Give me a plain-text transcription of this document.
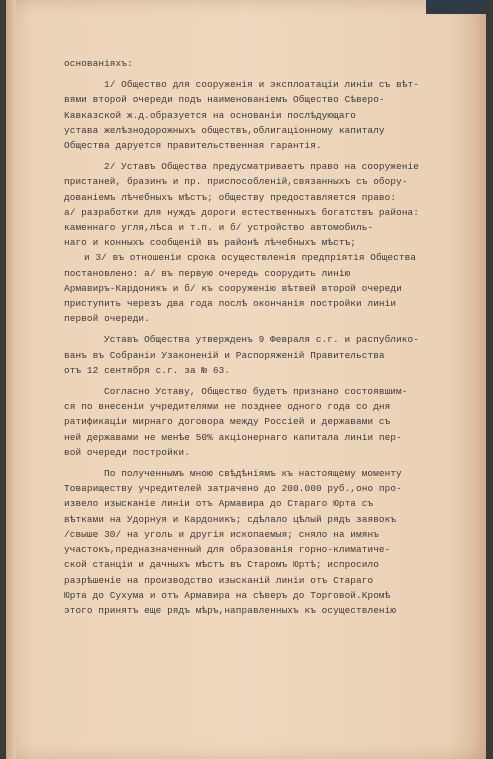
основанiяхъ:
1/ Общество для сооруженiя и эксплоатацiи линiи съ вѣт-
вями второй очереди подъ наименованiемъ Общество Сѣверо-
Кавказской ж.д.образуется на основанiи послѣдующаго
устава желѣзнодорожныхъ обществъ,облигацiонному капиталу
Общества даруется правительственная гарантiя.
2/ Уставъ Общества предусматриваетъ право на сооруженiе
пристаней, бразинъ и пр. приспособленiй,связанныхъ съ обору-
дованiемъ лѣчебныхъ мѣстъ; обществу предоставляется право:
а/ разработки для нуждъ дороги естественныхъ богатствъ района:
каменнаго угля,лѣса и т.п. и б/ устройство автомобиль-
наго и конныхъ сообщенiй въ районѣ лѣчебныхъ мѣстъ;
и 3/ въ отношенiи срока осуществленiя предпрiятiя Общества
постановлено: а/ въ первую очередь соорудить линiю
Армавиръ-Кардоникъ и б/ къ сооруженiю вѣтвей второй очереди
приступить черезъ два года послѣ окончанiя постройки линiи
первой очереди.
Уставъ Общества утвержденъ 9 Февраля с.г. и распублико-
ванъ въ Собранiи Узаконенiй и Распоряженiй Правительства
отъ 12 сентября с.г. за № 63.
Согласно Уставу, Общество будетъ признано состоявшим-
ся по внесенiи учредителями не позднее одного года со дня
ратификацiи мирнаго договора между Россiей и державами съ
ней державами не менѣе 50% акцiонернаго капитала линiи пер-
вой очереди постройки.
По полученнымъ мною свѣдѣнiямъ къ настоящему моменту
Товариществу учредителей затрачено до 200.000 руб.,оно про-
извело изысканiе линiи отъ Армавира до Стараго Юрта съ
вѣтками на Удорнуя и Кардоникъ; сдѣлало цѣлый рядъ заявокъ
/свыше 30/ на уголь и другiя ископаемыя; сняло на имянъ
участокъ,предназначенный для образованiя горно-климатиче-
ской станцiи и дачныхъ мѣстъ въ Старомъ Юртѣ; испросило
разрѣшенiе на производство изысканiй линiи отъ Стараго
Юрта до Сухума и отъ Армавира на сѣверъ до Торговой.Кромѣ
этого принятъ еще рядъ мѣръ,направленныхъ къ осуществленiю
